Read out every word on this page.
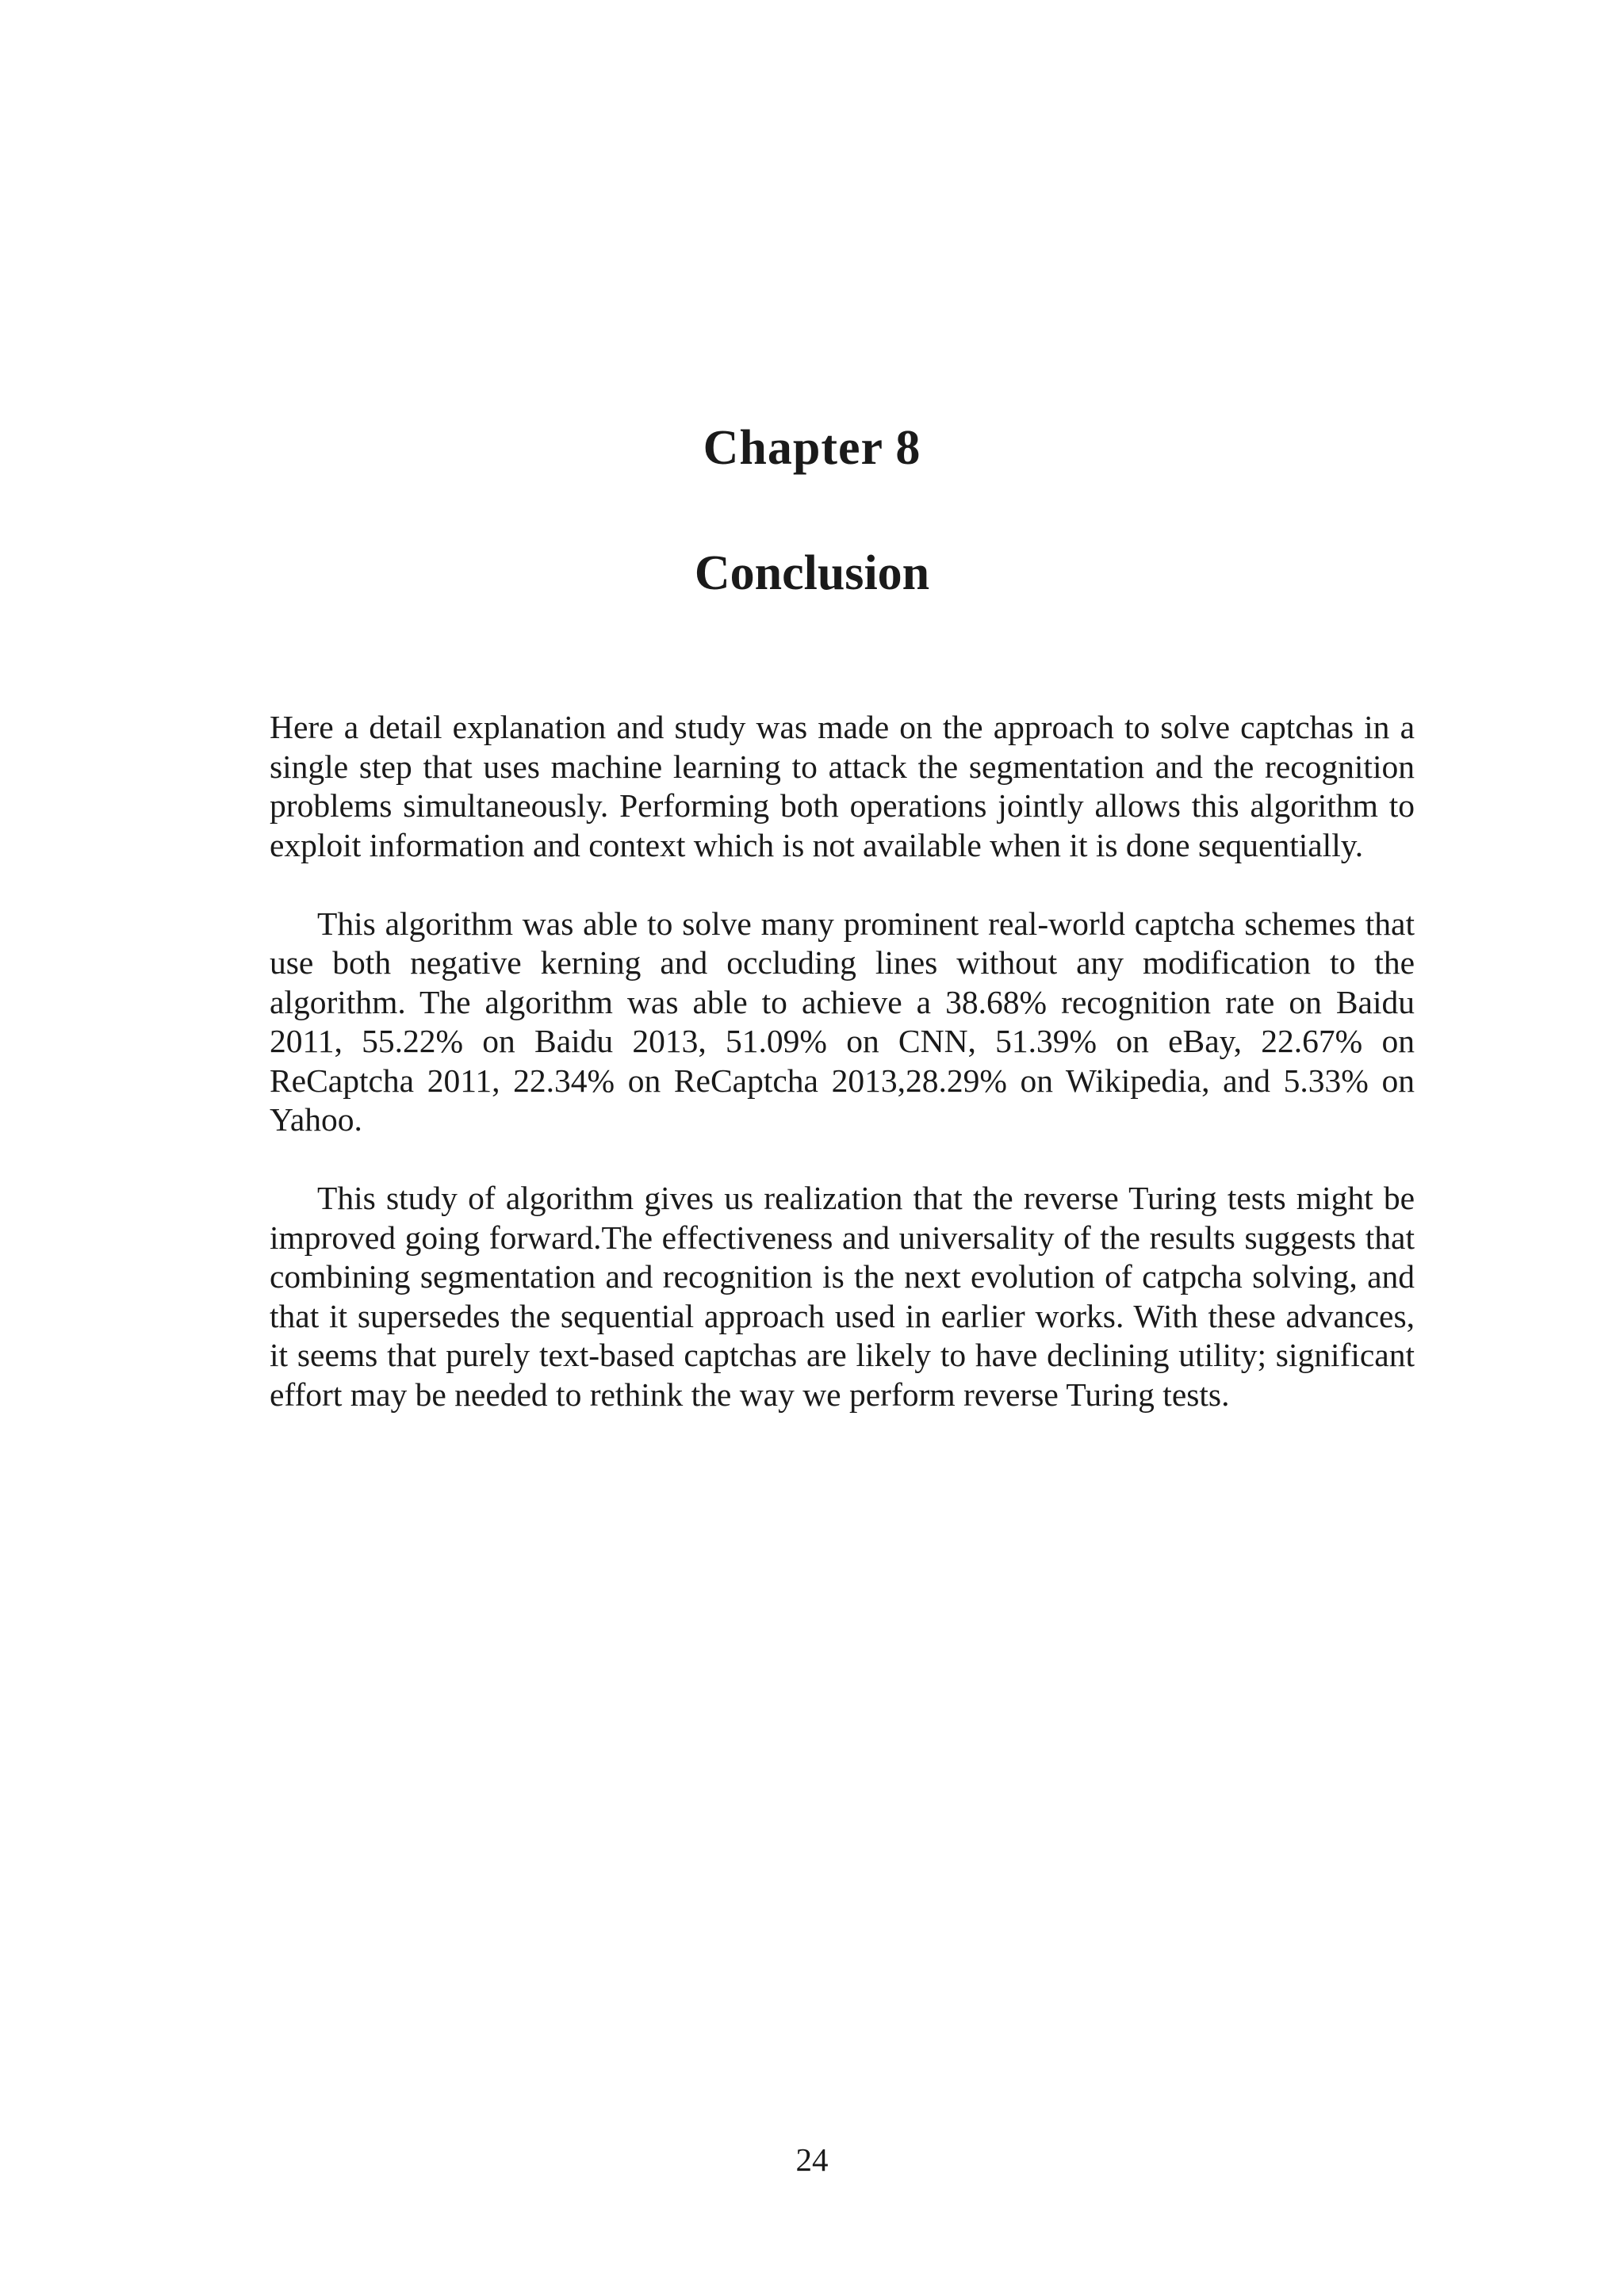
Chapter 8
Conclusion

Here a detail explanation and study was made on the approach to solve captchas in a single step that uses machine learning to attack the segmentation and the recognition problems simultaneously. Performing both operations jointly allows this algorithm to exploit information and context which is not available when it is done sequentially.

This algorithm was able to solve many prominent real-world captcha schemes that use both negative kerning and occluding lines without any modification to the algorithm. The algorithm was able to achieve a 38.68% recognition rate on Baidu 2011, 55.22% on Baidu 2013, 51.09% on CNN, 51.39% on eBay, 22.67% on ReCaptcha 2011, 22.34% on ReCaptcha 2013,28.29% on Wikipedia, and 5.33% on Yahoo.

This study of algorithm gives us realization that the reverse Turing tests might be improved going forward.The effectiveness and universality of the results suggests that combining segmentation and recognition is the next evolution of catpcha solving, and that it supersedes the sequential approach used in earlier works. With these advances, it seems that purely text-based captchas are likely to have declining utility; significant effort may be needed to rethink the way we perform reverse Turing tests.

24
